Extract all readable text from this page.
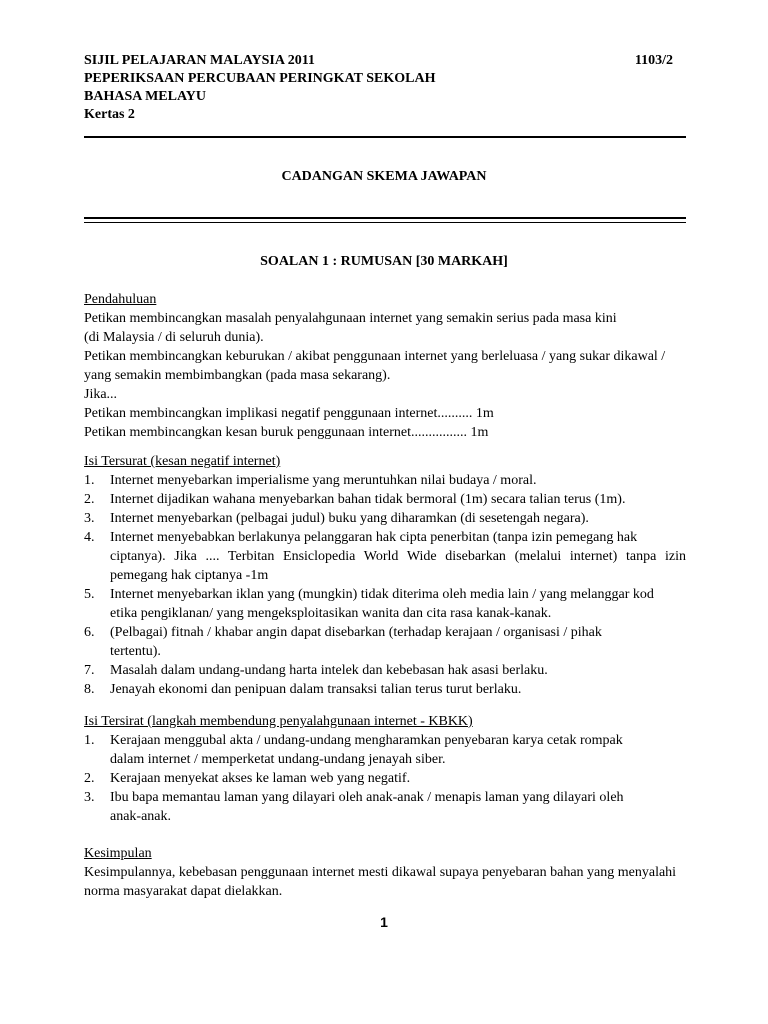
SIJIL PELAJARAN MALAYSIA 2011
PEPERIKSAAN PERCUBAAN PERINGKAT SEKOLAH
BAHASA MELAYU
Kertas 2
1103/2
CADANGAN SKEMA JAWAPAN
SOALAN 1 : RUMUSAN [30 MARKAH]
Pendahuluan
Petikan membincangkan masalah penyalahgunaan internet yang semakin serius pada masa kini
(di Malaysia / di seluruh dunia).
Petikan membincangkan keburukan / akibat penggunaan internet yang berleluasa / yang sukar dikawal /
yang semakin membimbangkan (pada masa sekarang).
Jika...
Petikan membincangkan implikasi negatif penggunaan internet.......... 1m
Petikan membincangkan kesan buruk penggunaan internet................ 1m
Isi Tersurat (kesan negatif internet)
1.	Internet menyebarkan imperialisme yang meruntuhkan nilai budaya / moral.
2.	Internet dijadikan wahana menyebarkan bahan tidak bermoral (1m) secara talian terus (1m).
3.	Internet menyebarkan (pelbagai judul) buku yang diharamkan (di sesetengah negara).
4.	Internet menyebabkan berlakunya pelanggaran hak cipta penerbitan (tanpa izin pemegang hak
ciptanya). Jika .... Terbitan Ensiclopedia World Wide disebarkan (melalui internet) tanpa izin
pemegang hak ciptanya -1m
5.	Internet menyebarkan iklan yang (mungkin) tidak diterima oleh media lain / yang melanggar kod
etika pengiklanan/ yang mengeksploitasikan wanita dan cita rasa kanak-kanak.
6.	(Pelbagai) fitnah / khabar angin dapat disebarkan (terhadap kerajaan / organisasi / pihak
tertentu).
7.	Masalah dalam undang-undang harta intelek dan kebebasan hak asasi berlaku.
8.	Jenayah ekonomi dan penipuan dalam transaksi talian terus turut berlaku.
Isi Tersirat (langkah membendung penyalahgunaan internet - KBKK)
1.	Kerajaan menggubal akta / undang-undang mengharamkan penyebaran karya cetak rompak
dalam internet / memperketat undang-undang jenayah siber.
2.	Kerajaan menyekat akses ke laman web yang negatif.
3.	Ibu bapa memantau laman yang dilayari oleh anak-anak / menapis laman yang dilayari oleh
anak-anak.
Kesimpulan
Kesimpulannya, kebebasan penggunaan internet mesti dikawal supaya penyebaran bahan yang menyalahi
norma masyarakat dapat dielakkan.
1
